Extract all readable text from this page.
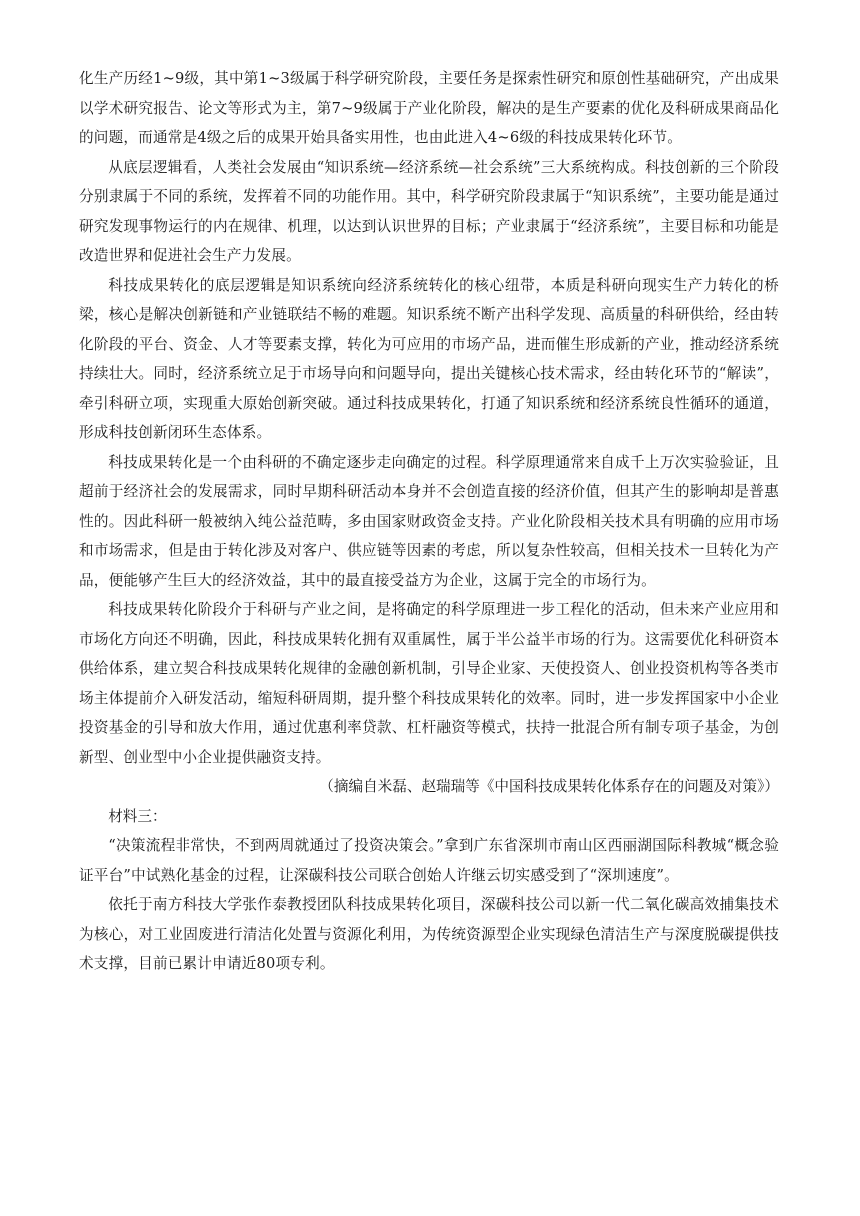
化生产历经1~9级，其中第1~3级属于科学研究阶段，主要任务是探索性研究和原创性基础研究，产出成果以学术研究报告、论文等形式为主，第7~9级属于产业化阶段，解决的是生产要素的优化及科研成果商品化的问题，而通常是4级之后的成果开始具备实用性，也由此进入4~6级的科技成果转化环节。

从底层逻辑看，人类社会发展由“知识系统—经济系统—社会系统”三大系统构成。科技创新的三个阶段分别隶属于不同的系统，发挥着不同的功能作用。其中，科学研究阶段隶属于“知识系统”，主要功能是通过研究发现事物运行的内在规律、机理，以达到认识世界的目标；产业隶属于“经济系统”，主要目标和功能是改造世界和促进社会生产力发展。

科技成果转化的底层逻辑是知识系统向经济系统转化的核心纽带，本质是科研向现实生产力转化的桥梁，核心是解决创新链和产业链联结不畅的难题。知识系统不断产出科学发现、高质量的科研供给，经由转化阶段的平台、资金、人才等要素支撑，转化为可应用的市场产品，进而催生形成新的产业，推动经济系统持续壮大。同时，经济系统立足于市场导向和问题导向，提出关键核心技术需求，经由转化环节的“解读”，牵引科研立项，实现重大原始创新突破。通过科技成果转化，打通了知识系统和经济系统良性循环的通道，形成科技创新闭环生态体系。

科技成果转化是一个由科研的不确定逐步走向确定的过程。科学原理通常来自成千上万次实验验证，且超前于经济社会的发展需求，同时早期科研活动本身并不会创造直接的经济价值，但其产生的影响却是普惠性的。因此科研一般被纳入纯公益范畴，多由国家财政资金支持。产业化阶段相关技术具有明确的应用市场和市场需求，但是由于转化涉及对客户、供应链等因素的考虑，所以复杂性较高，但相关技术一旦转化为产品，便能够产生巨大的经济效益，其中的最直接受益方为企业，这属于完全的市场行为。

科技成果转化阶段介于科研与产业之间，是将确定的科学原理进一步工程化的活动，但未来产业应用和市场化方向还不明确，因此，科技成果转化拥有双重属性，属于半公益半市场的行为。这需要优化科研资本供给体系，建立契合科技成果转化规律的金融创新机制，引导企业家、天使投资人、创业投资机构等各类市场主体提前介入研发活动，缩短科研周期，提升整个科技成果转化的效率。同时，进一步发挥国家中小企业投资基金的引导和放大作用，通过优惠利率贷款、杠杆融资等模式，扶持一批混合所有制专项子基金，为创新型、创业型中小企业提供融资支持。

（摘编自米磊、赵瑞瑞等《中国科技成果转化体系存在的问题及对策》）

材料三：

“决策流程非常快，不到两周就通过了投资决策会。”拿到广东省深圳市南山区西丽湖国际科教城“概念验证平台”中试熟化基金的过程，让深碳科技公司联合创始人许继云切实感受到了“深圳速度”。

依托于南方科技大学张作泰教授团队科技成果转化项目，深碳科技公司以新一代二氧化碳高效捕集技术为核心，对工业固废进行清洁化处置与资源化利用，为传统资源型企业实现绿色清洁生产与深度脱碳提供技术支撑，目前已累计申请近80项专利。
